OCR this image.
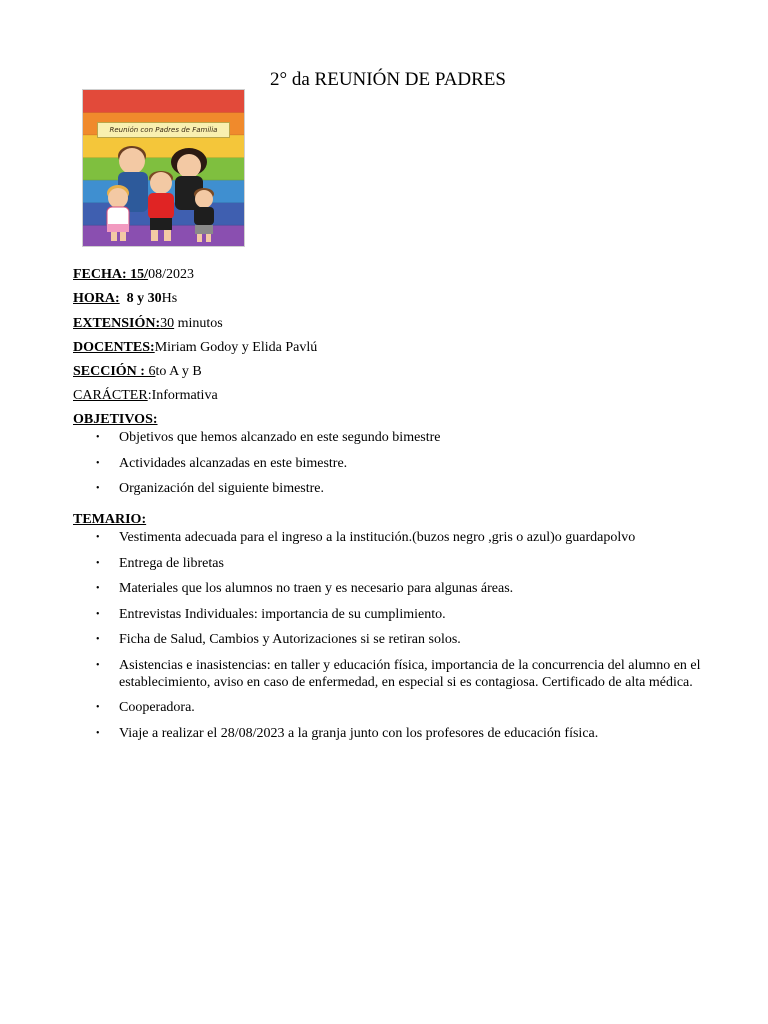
2° da REUNIÓN DE PADRES
Reunión con Padres de Familia
FECHA: 15/08/2023
HORA: 8 y 30Hs
EXTENSIÓN:30 minutos
DOCENTES:Miriam Godoy y Elida Pavlú
SECCIÓN : 6to A y B
CARÁCTER:Informativa
OBJETIVOS:
• Objetivos que hemos alcanzado en este segundo bimestre
• Actividades alcanzadas en este bimestre.
• Organización del siguiente bimestre.
TEMARIO:
• Vestimenta adecuada para el ingreso a la institución.(buzos negro ,gris o azul)o guardapolvo
• Entrega de libretas
• Materiales que los alumnos no traen y es necesario para algunas áreas.
• Entrevistas Individuales: importancia de su cumplimiento.
• Ficha de Salud, Cambios y Autorizaciones si se retiran solos.
• Asistencias e inasistencias: en taller y educación física, importancia de la concurrencia del alumno en el establecimiento, aviso en caso de enfermedad, en especial si es contagiosa. Certificado de alta médica.
• Cooperadora.
• Viaje a realizar el 28/08/2023 a la granja junto con los profesores de educación física.
